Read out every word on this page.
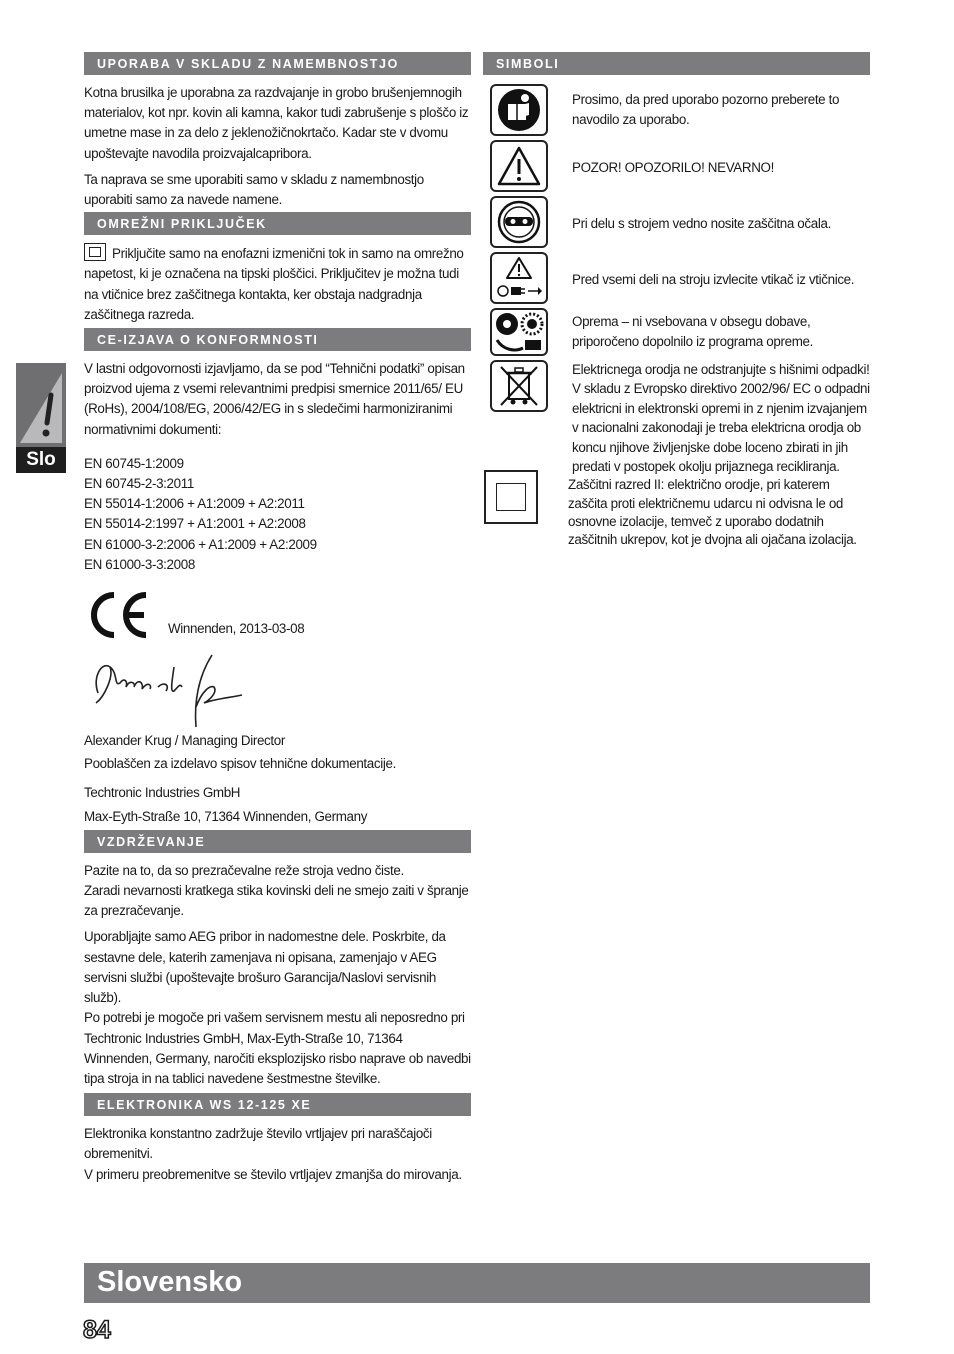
Slo
UPORABA V SKLADU Z NAMEMBNOSTJO

Kotna brusilka je uporabna za razdvajanje in grobo brušenjemnogih materialov, kot npr. kovin ali kamna, kakor tudi zabrušenje s ploščo iz umetne mase in za delo z jeklenožičnokrtačo. Kadar ste v dvomu upoštevajte navodila proizvajalcapribora.

Ta naprava se sme uporabiti samo v skladu z namembnostjo uporabiti samo za navede namene.

OMREŽNI PRIKLJUČEK

Priključite samo na enofazni izmenični tok in samo na omrežno napetost, ki je označena na tipski ploščici. Priključitev je možna tudi na vtičnice brez zaščitnega kontakta, ker obstaja nadgradnja zaščitnega razreda.

CE-IZJAVA O KONFORMNOSTI

V lastni odgovornosti izjavljamo, da se pod “Tehnični podatki” opisan proizvod ujema z vsemi relevantnimi predpisi smernice 2011/65/ EU (RoHs), 2004/108/EG, 2006/42/EG in s sledečimi harmoniziranimi normativnimi dokumenti:

EN 60745-1:2009

EN 60745-2-3:2011

EN 55014-1:2006 + A1:2009 + A2:2011

EN 55014-2:1997 + A1:2001 + A2:2008

EN 61000-3-2:2006 + A1:2009 + A2:2009

EN 61000-3-3:2008

Winnenden, 2013-03-08

Alexander Krug / Managing Director

Pooblaščen za izdelavo spisov tehnične dokumentacije.

Techtronic Industries GmbH

Max-Eyth-Straße 10, 71364 Winnenden, Germany

VZDRŽEVANJE

Pazite na to, da so prezračevalne reže stroja vedno čiste.

Zaradi nevarnosti kratkega stika kovinski deli ne smejo zaiti v špranje za prezračevanje.

Uporabljajte samo AEG pribor in nadomestne dele. Poskrbite, da sestavne dele, katerih zamenjava ni opisana, zamenjajo v AEG servisni službi (upoštevajte brošuro Garancija/Naslovi servisnih služb).

Po potrebi je mogoče pri vašem servisnem mestu ali neposredno pri Techtronic Industries GmbH, Max-Eyth-Straße 10, 71364 Winnenden, Germany, naročiti eksplozijsko risbo naprave ob navedbi tipa stroja in na tablici navedene šestmestne številke.

ELEKTRONIKA WS 12-125 XE

Elektronika konstantno zadržuje število vrtljajev pri naraščajoči obremenitvi.

V primeru preobremenitve se število vrtljajev zmanjša do mirovanja.

SIMBOLI

Prosimo, da pred uporabo pozorno preberete to navodilo za uporabo.

POZOR! OPOZORILO! NEVARNO!

Pri delu s strojem vedno nosite zaščitna očala.

Pred vsemi deli na stroju izvlecite vtikač iz vtičnice.

Oprema – ni vsebovana v obsegu dobave, priporočeno dopolnilo iz programa opreme.

Elektricnega orodja ne odstranjujte s hišnimi odpadki! V skladu z Evropsko direktivo 2002/96/ EC o odpadni elektricni in elektronski opremi in z njenim izvajanjem v nacionalni zakonodaji je treba elektricna orodja ob koncu njihove življenjske dobe loceno zbirati in jih predati v postopek okolju prijaznega recikliranja.

Zaščitni razred II: električno orodje, pri katerem zaščita proti električnemu udarcu ni odvisna le od osnovne izolacije, temveč z uporabo dodatnih zaščitnih ukrepov, kot je dvojna ali ojačana izolacija.

Slovensko
84
